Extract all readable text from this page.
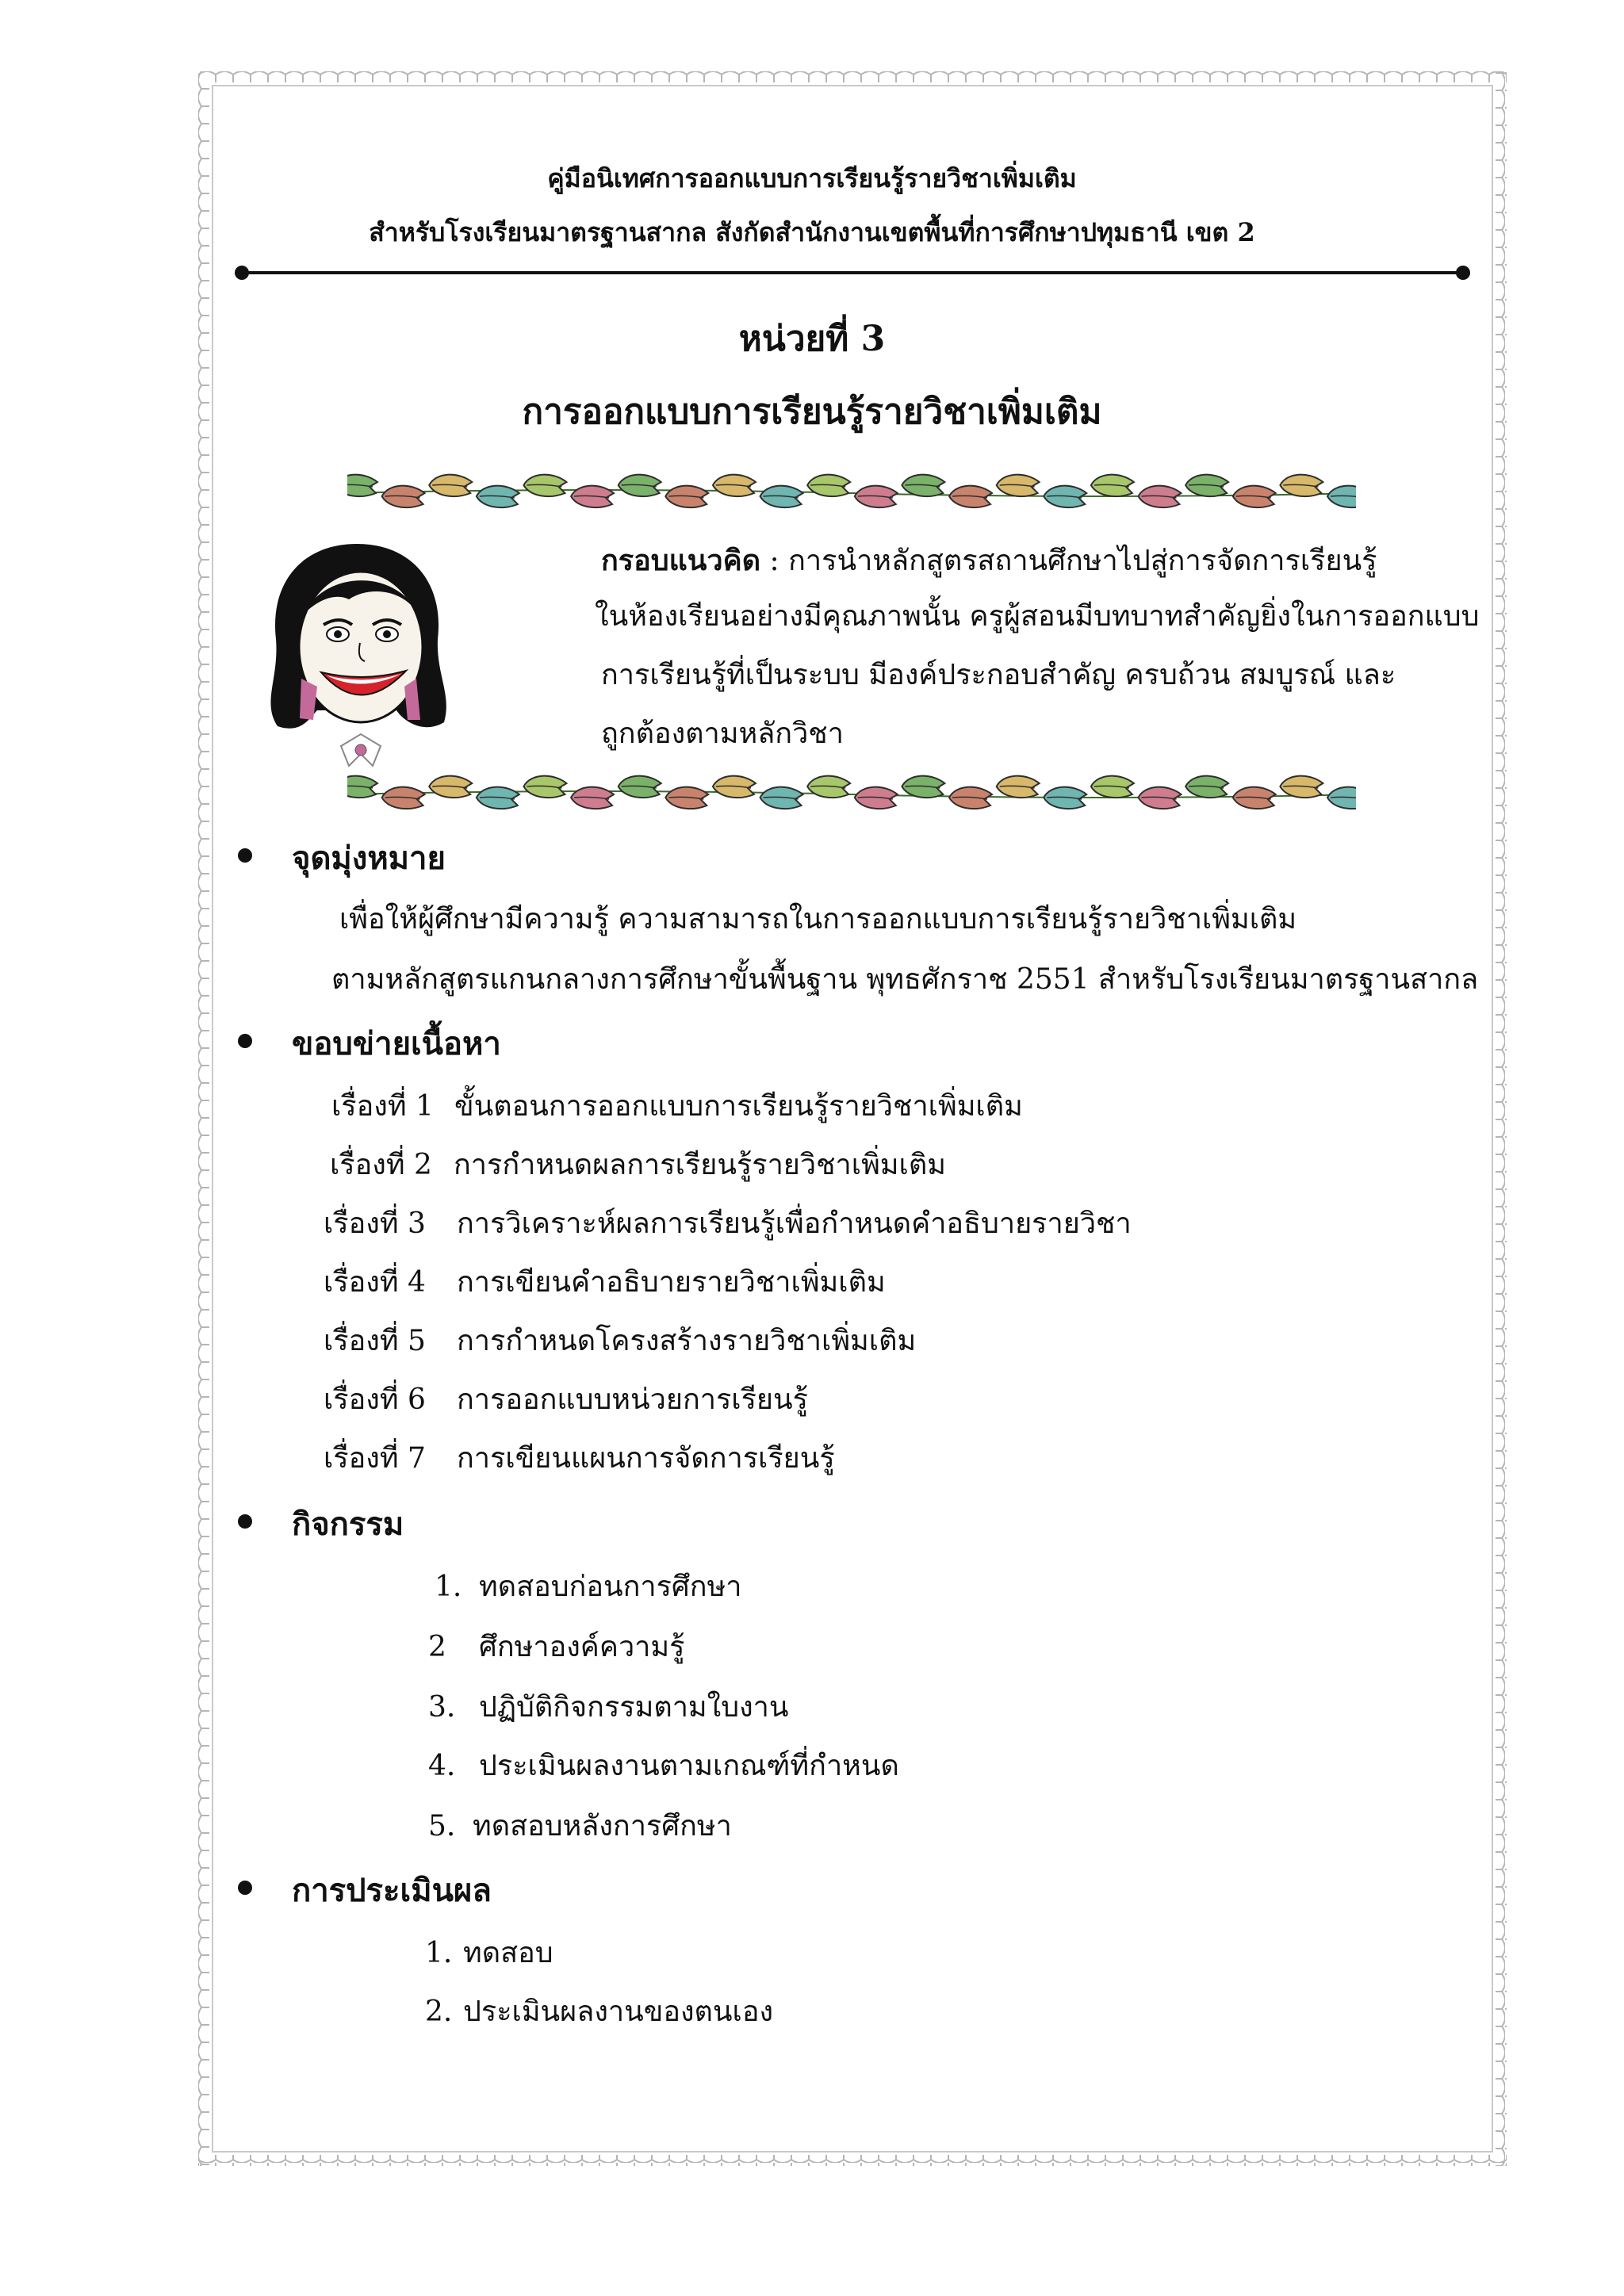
คู่มือนิเทศการออกแบบการเรียนรู้รายวิชาเพิ่มเติม
สำหรับโรงเรียนมาตรฐานสากล สังกัดสำนักงานเขตพื้นที่การศึกษาปทุมธานี เขต 2
หน่วยที่ 3
การออกแบบการเรียนรู้รายวิชาเพิ่มเติม
กรอบแนวคิด : การนำหลักสูตรสถานศึกษาไปสู่การจัดการเรียนรู้
ในห้องเรียนอย่างมีคุณภาพนั้น ครูผู้สอนมีบทบาทสำคัญยิ่งในการออกแบบ
การเรียนรู้ที่เป็นระบบ มีองค์ประกอบสำคัญ ครบถ้วน สมบูรณ์ และ
ถูกต้องตามหลักวิชา
จุดมุ่งหมาย
เพื่อให้ผู้ศึกษามีความรู้ ความสามารถในการออกแบบการเรียนรู้รายวิชาเพิ่มเติม
ตามหลักสูตรแกนกลางการศึกษาขั้นพื้นฐาน พุทธศักราช 2551 สำหรับโรงเรียนมาตรฐานสากล
ขอบข่ายเนื้อหา
เรื่องที่ 1 ขั้นตอนการออกแบบการเรียนรู้รายวิชาเพิ่มเติม
เรื่องที่ 2 การกำหนดผลการเรียนรู้รายวิชาเพิ่มเติม
เรื่องที่ 3 การวิเคราะห์ผลการเรียนรู้เพื่อกำหนดคำอธิบายรายวิชา
เรื่องที่ 4 การเขียนคำอธิบายรายวิชาเพิ่มเติม
เรื่องที่ 5 การกำหนดโครงสร้างรายวิชาเพิ่มเติม
เรื่องที่ 6 การออกแบบหน่วยการเรียนรู้
เรื่องที่ 7 การเขียนแผนการจัดการเรียนรู้
กิจกรรม
1. ทดสอบก่อนการศึกษา
2 ศึกษาองค์ความรู้
3. ปฏิบัติกิจกรรมตามใบงาน
4. ประเมินผลงานตามเกณฑ์ที่กำหนด
5. ทดสอบหลังการศึกษา
การประเมินผล
1. ทดสอบ
2. ประเมินผลงานของตนเอง
